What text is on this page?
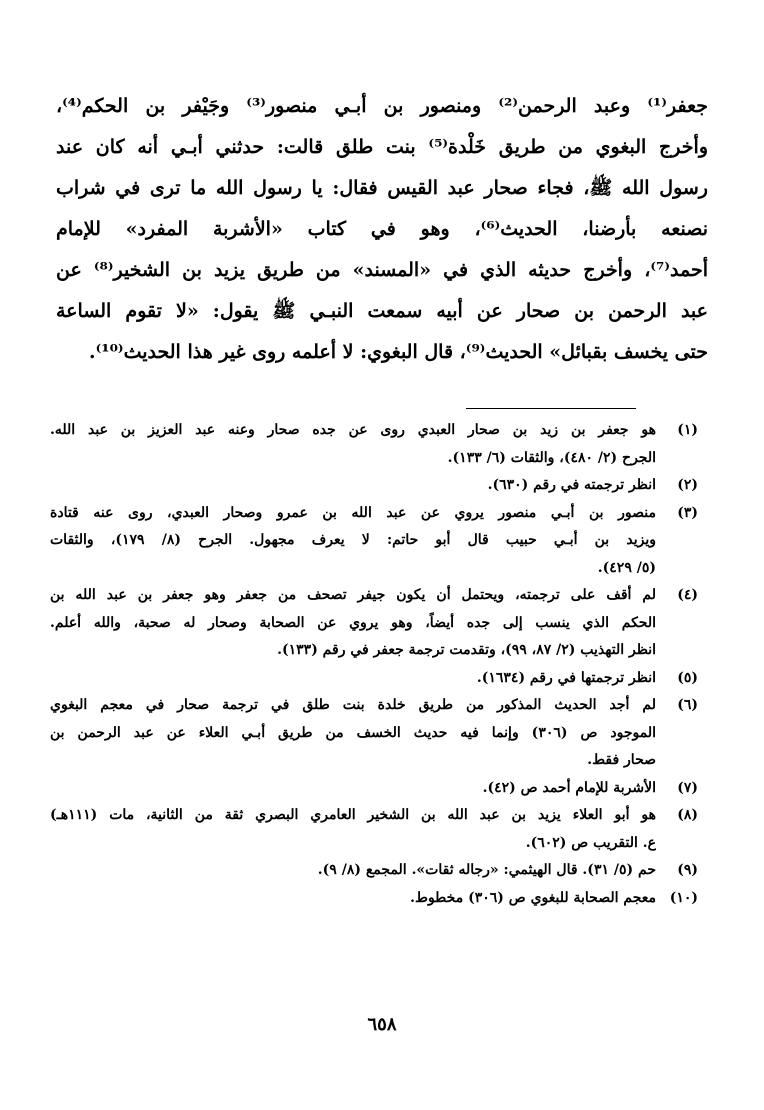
جعفر⁽¹⁾ وعبد الرحمن⁽²⁾ ومنصور بن أبـي منصور⁽³⁾ وجَيْفر بن الحكم⁽⁴⁾،
وأخرج البغوي من طريق خَلْدة⁽⁵⁾ بنت طلق قالت: حدثني أبـي أنه كان عند
رسول الله ﷺ، فجاء صحار عبد القيس فقال: يا رسول الله ما ترى في شراب
نصنعه بأرضنا، الحديث⁽⁶⁾، وهو في كتاب «الأشربة المفرد» للإمام
أحمد⁽⁷⁾، وأخرج حديثه الذي في «المسند» من طريق يزيد بن الشخير⁽⁸⁾ عن
عبد الرحمن بن صحار عن أبيه سمعت النبـي ﷺ يقول: «لا تقوم الساعة
حتى يخسف بقبائل» الحديث⁽⁹⁾، قال البغوي: لا أعلمه روى غير هذا الحديث⁽¹⁰⁾.
(١)
هو جعفر بن زيد بن صحار العبدي روى عن جده صحار وعنه عبد العزيز بن عبد الله.
الجرح (٢/ ٤٨٠)، والثقات (٦/ ١٣٣).
(٢)
انظر ترجمته في رقم (٦٣٠).
(٣)
منصور بن أبـي منصور يروي عن عبد الله بن عمرو وصحار العبدي، روى عنه قتادة
ويزيد بن أبـي حبيب قال أبو حاتم: لا يعرف مجهول. الجرح (٨/ ١٧٩)، والثقات
(٥/ ٤٢٩).
(٤)
لم أقف على ترجمته، ويحتمل أن يكون جيفر تصحف من جعفر وهو جعفر بن عبد الله بن
الحكم الذي ينسب إلى جده أيضاً، وهو يروي عن الصحابة وصحار له صحبة، والله أعلم.
انظر التهذيب (٢/ ٨٧، ٩٩)، وتقدمت ترجمة جعفر في رقم (١٣٣).
(٥)
انظر ترجمتها في رقم (١٦٣٤).
(٦)
لم أجد الحديث المذكور من طريق خلدة بنت طلق في ترجمة صحار في معجم البغوي
الموجود ص (٣٠٦) وإنما فيه حديث الخسف من طريق أبـي العلاء عن عبد الرحمن بن
صحار فقط.
(٧)
الأشربة للإمام أحمد ص (٤٢).
(٨)
هو أبو العلاء يزيد بن عبد الله بن الشخير العامري البصري ثقة من الثانية، مات (١١١هـ)
ع. التقريب ص (٦٠٢).
(٩)
حم (٥/ ٣١). قال الهيثمي: «رجاله ثقات». المجمع (٨/ ٩).
(١٠)
معجم الصحابة للبغوي ص (٣٠٦) مخطوط.
٦٥٨
